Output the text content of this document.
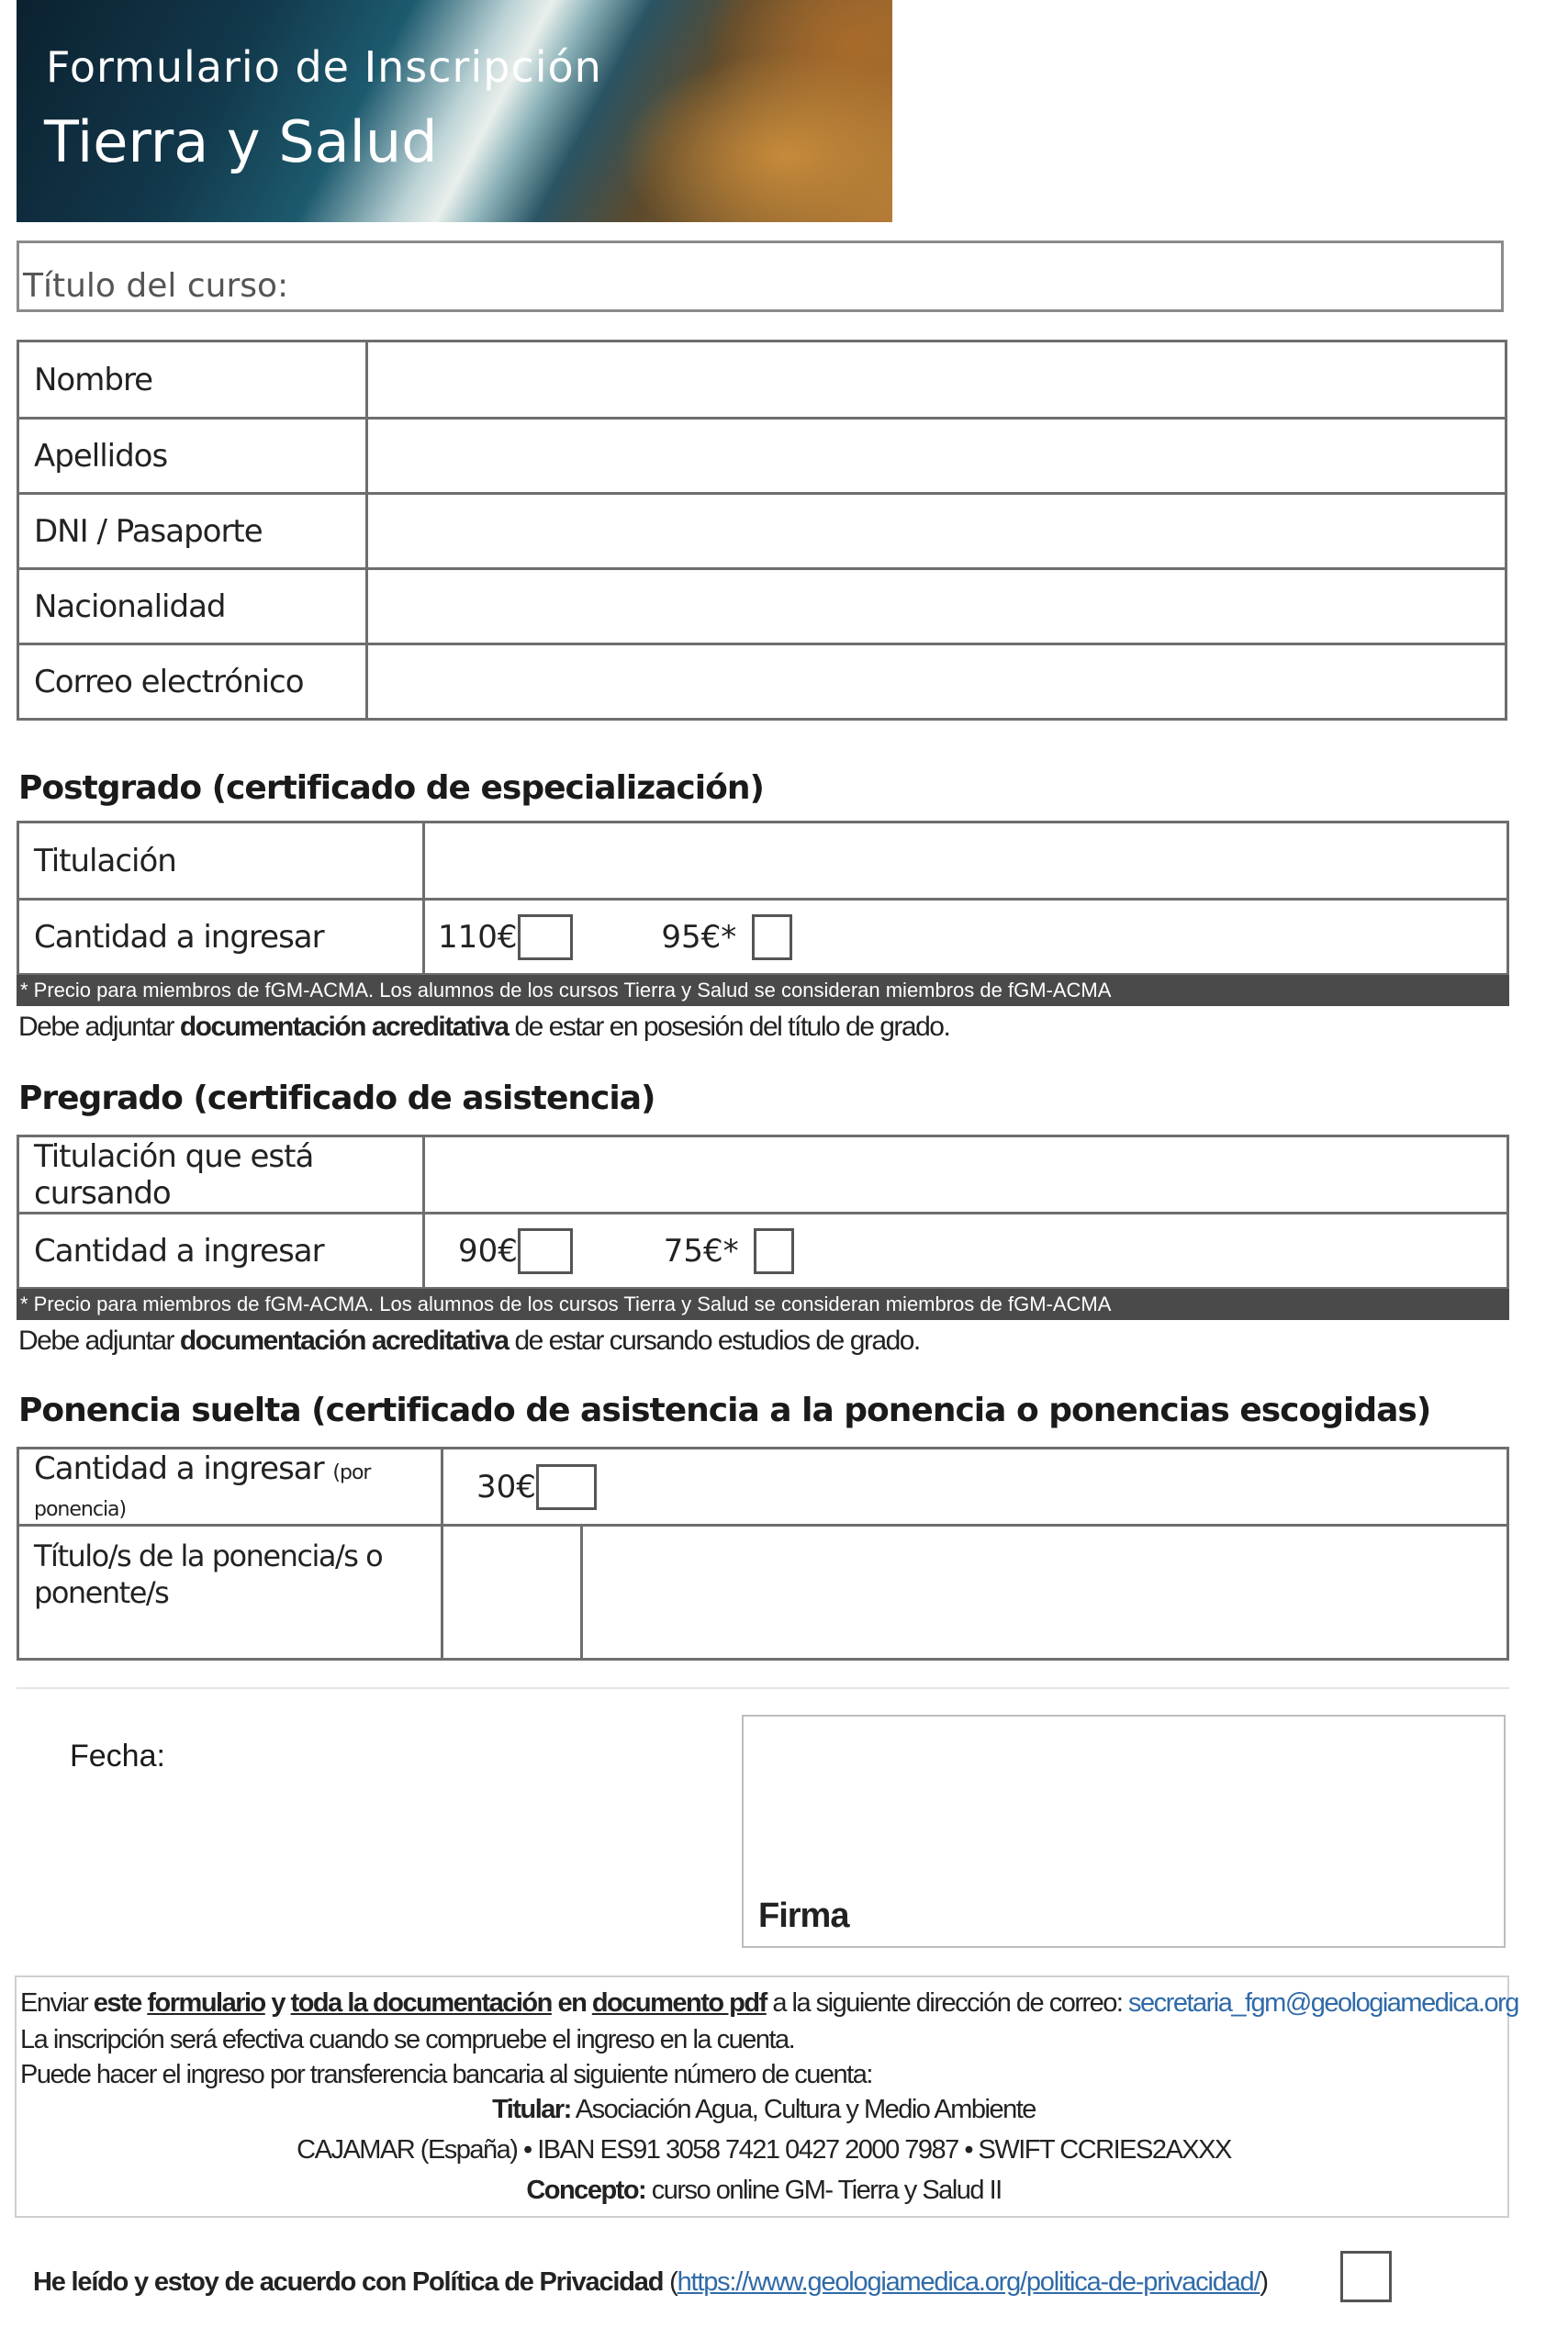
Formulario de Inscripción
Tierra y Salud
Título del curso:
Nombre	
Apellidos	
DNI / Pasaporte	
Nacionalidad	
Correo electrónico	
Postgrado (certificado de especialización)
Titulación	
Cantidad a ingresar	110€ 95€*
* Precio para miembros de fGM-ACMA. Los alumnos de los cursos Tierra y Salud se consideran miembros de fGM-ACMA
Debe adjuntar documentación acreditativa de estar en posesión del título de grado.
Pregrado (certificado de asistencia)
Titulación que está cursando	
Cantidad a ingresar	90€ 75€*
* Precio para miembros de fGM-ACMA. Los alumnos de los cursos Tierra y Salud se consideran miembros de fGM-ACMA
Debe adjuntar documentación acreditativa de estar cursando estudios de grado.
Ponencia suelta (certificado de asistencia a la ponencia o ponencias escogidas)
Cantidad a ingresar (por ponencia)	30€	
Título/s de la ponencia/s o ponente/s		
Fecha:
Firma
Enviar este formulario y toda la documentación en documento pdf a la siguiente dirección de correo: secretaria_fgm@geologiamedica.org
La inscripción será efectiva cuando se compruebe el ingreso en la cuenta.
Puede hacer el ingreso por transferencia bancaria al siguiente número de cuenta:
Titular: Asociación Agua, Cultura y Medio Ambiente
CAJAMAR (España) • IBAN ES91 3058 7421 0427 2000 7987 • SWIFT CCRIES2AXXX
Concepto: curso online GM- Tierra y Salud II
He leído y estoy de acuerdo con Política de Privacidad (https://www.geologiamedica.org/politica-de-privacidad/)
